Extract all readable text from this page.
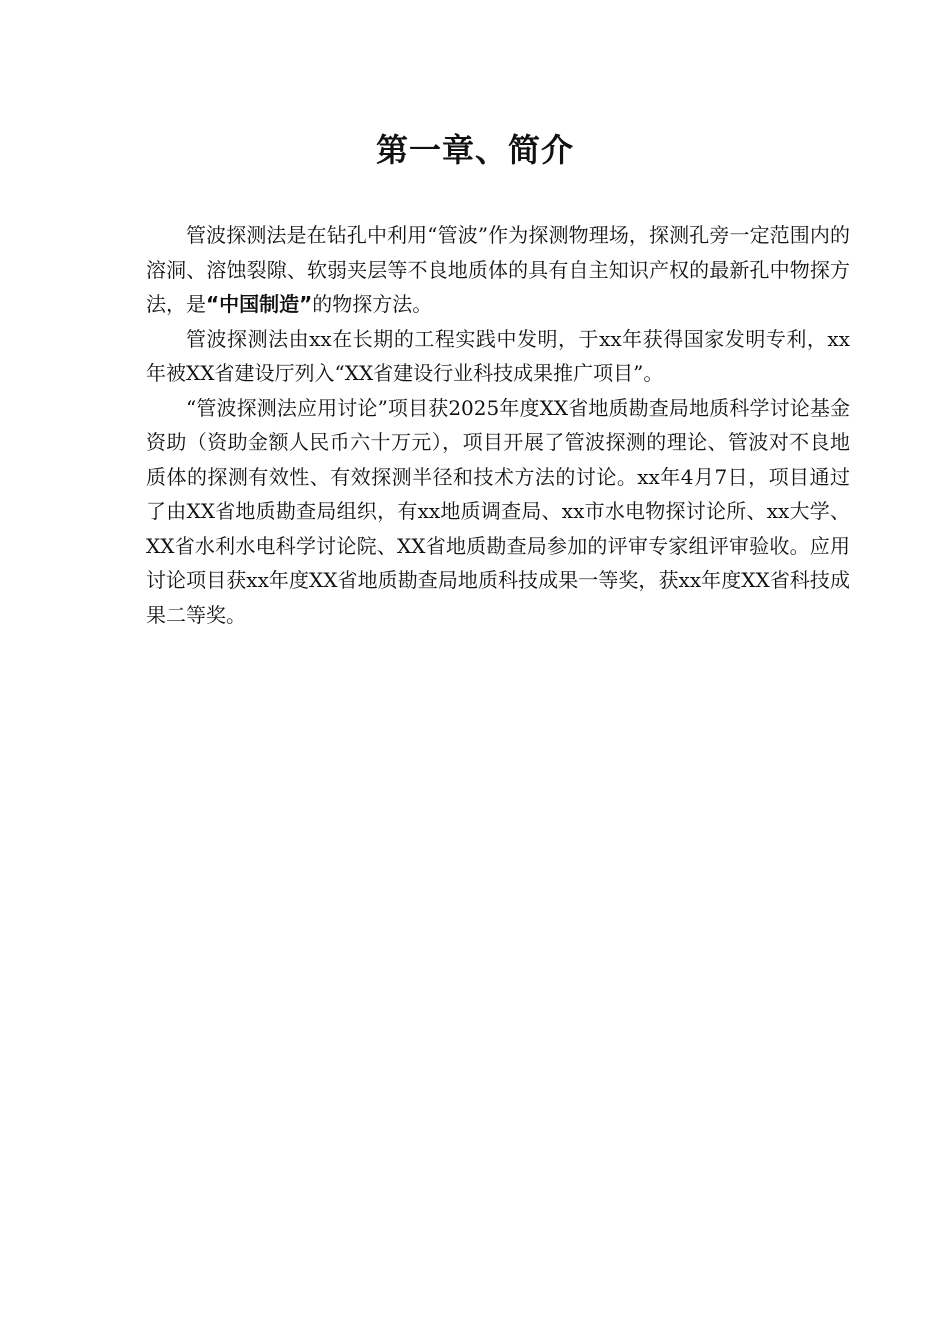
第一章、简介

管波探测法是在钻孔中利用“管波”作为探测物理场，探测孔旁一定范围内的溶洞、溶蚀裂隙、软弱夹层等不良地质体的具有自主知识产权的最新孔中物探方法，是“中国制造”的物探方法。

管波探测法由xx在长期的工程实践中发明，于xx年获得国家发明专利，xx年被XX省建设厅列入“XX省建设行业科技成果推广项目”。

“管波探测法应用讨论”项目获2025年度XX省地质勘查局地质科学讨论基金资助（资助金额人民币六十万元），项目开展了管波探测的理论、管波对不良地质体的探测有效性、有效探测半径和技术方法的讨论。xx年4月7日，项目通过了由XX省地质勘查局组织，有xx地质调查局、xx市水电物探讨论所、xx大学、XX省水利水电科学讨论院、XX省地质勘查局参加的评审专家组评审验收。应用讨论项目获xx年度XX省地质勘查局地质科技成果一等奖，获xx年度XX省科技成果二等奖。
